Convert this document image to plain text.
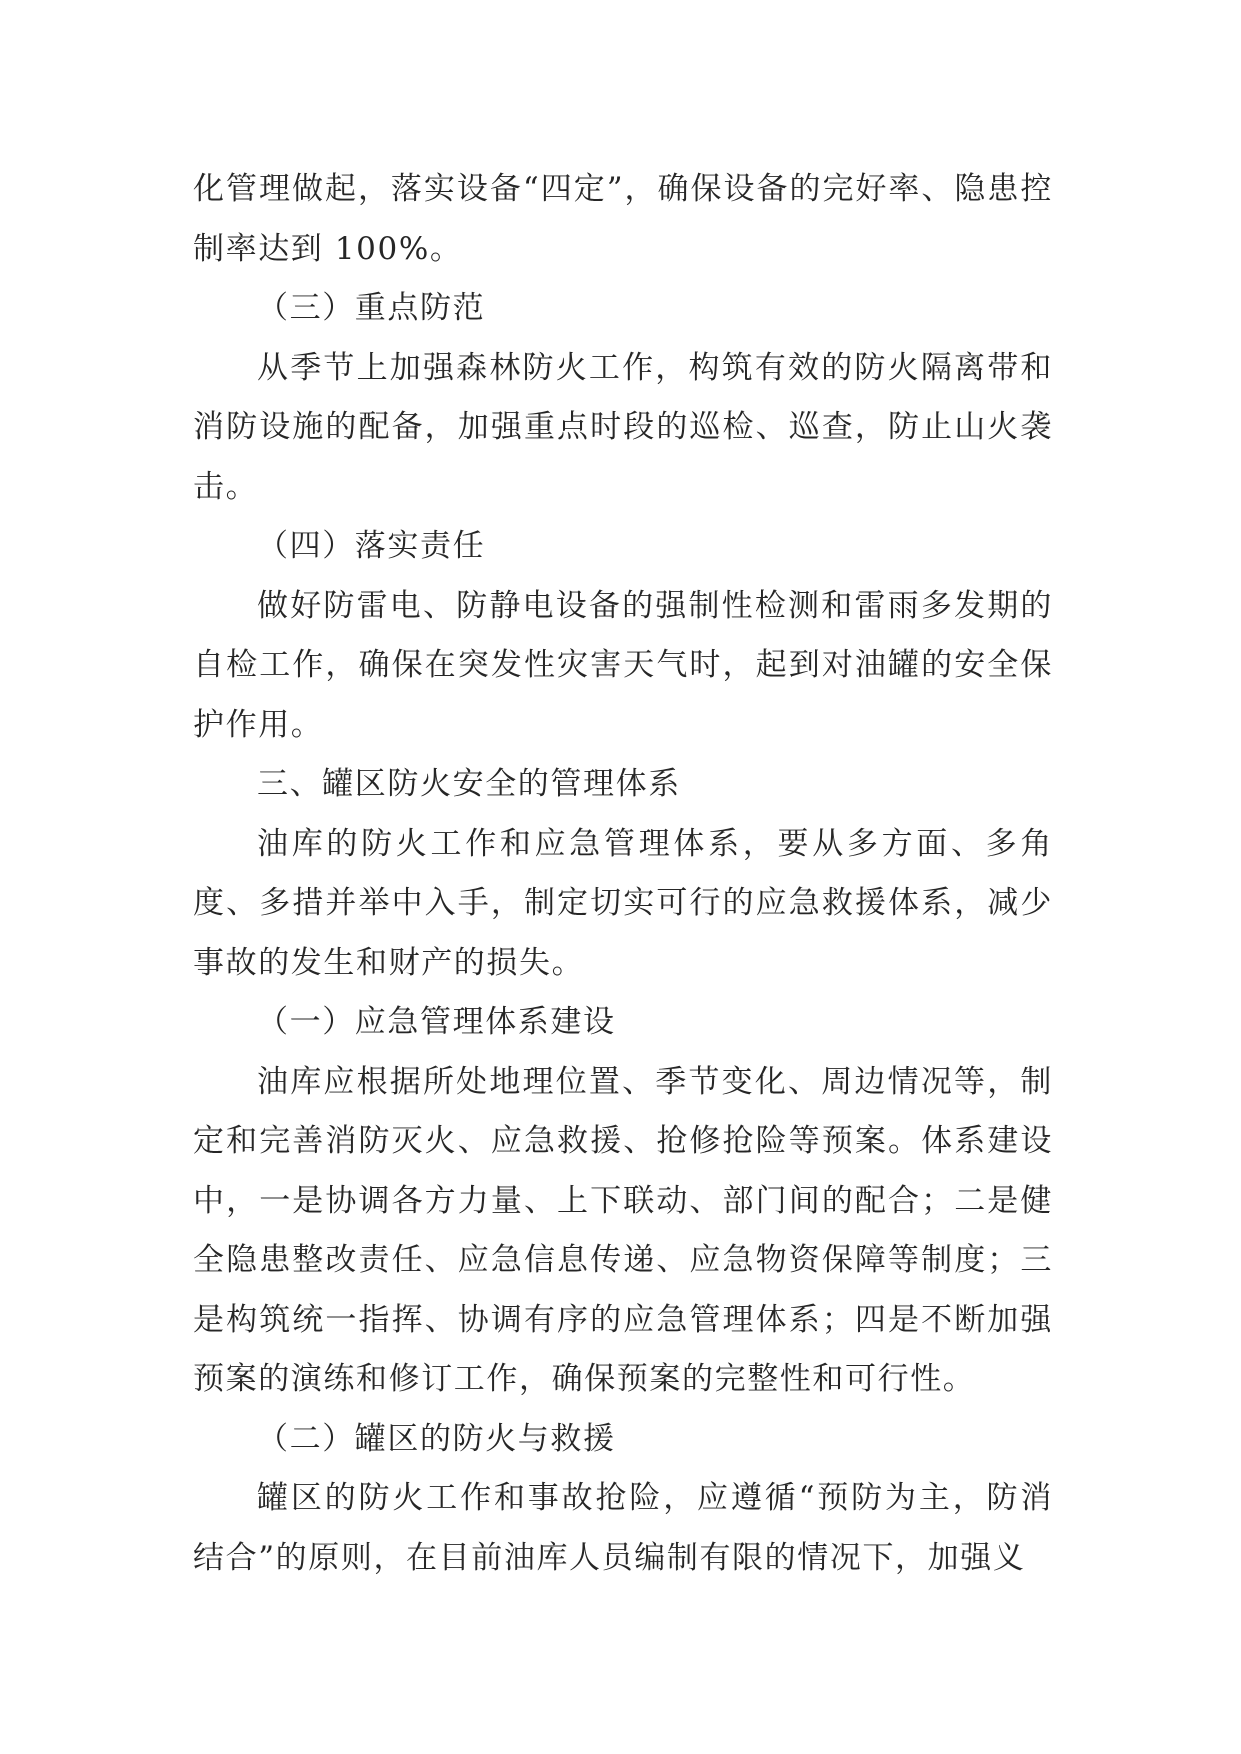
化管理做起，落实设备“四定”，确保设备的完好率、隐患控制率达到 100%。

（三）重点防范

从季节上加强森林防火工作，构筑有效的防火隔离带和消防设施的配备，加强重点时段的巡检、巡查，防止山火袭击。

（四）落实责任

做好防雷电、防静电设备的强制性检测和雷雨多发期的自检工作，确保在突发性灾害天气时，起到对油罐的安全保护作用。

三、罐区防火安全的管理体系

油库的防火工作和应急管理体系，要从多方面、多角度、多措并举中入手，制定切实可行的应急救援体系，减少事故的发生和财产的损失。

（一）应急管理体系建设

油库应根据所处地理位置、季节变化、周边情况等，制定和完善消防灭火、应急救援、抢修抢险等预案。体系建设中，一是协调各方力量、上下联动、部门间的配合；二是健全隐患整改责任、应急信息传递、应急物资保障等制度；三是构筑统一指挥、协调有序的应急管理体系；四是不断加强预案的演练和修订工作，确保预案的完整性和可行性。

（二）罐区的防火与救援

罐区的防火工作和事故抢险，应遵循“预防为主，防消结合”的原则，在目前油库人员编制有限的情况下，加强义
